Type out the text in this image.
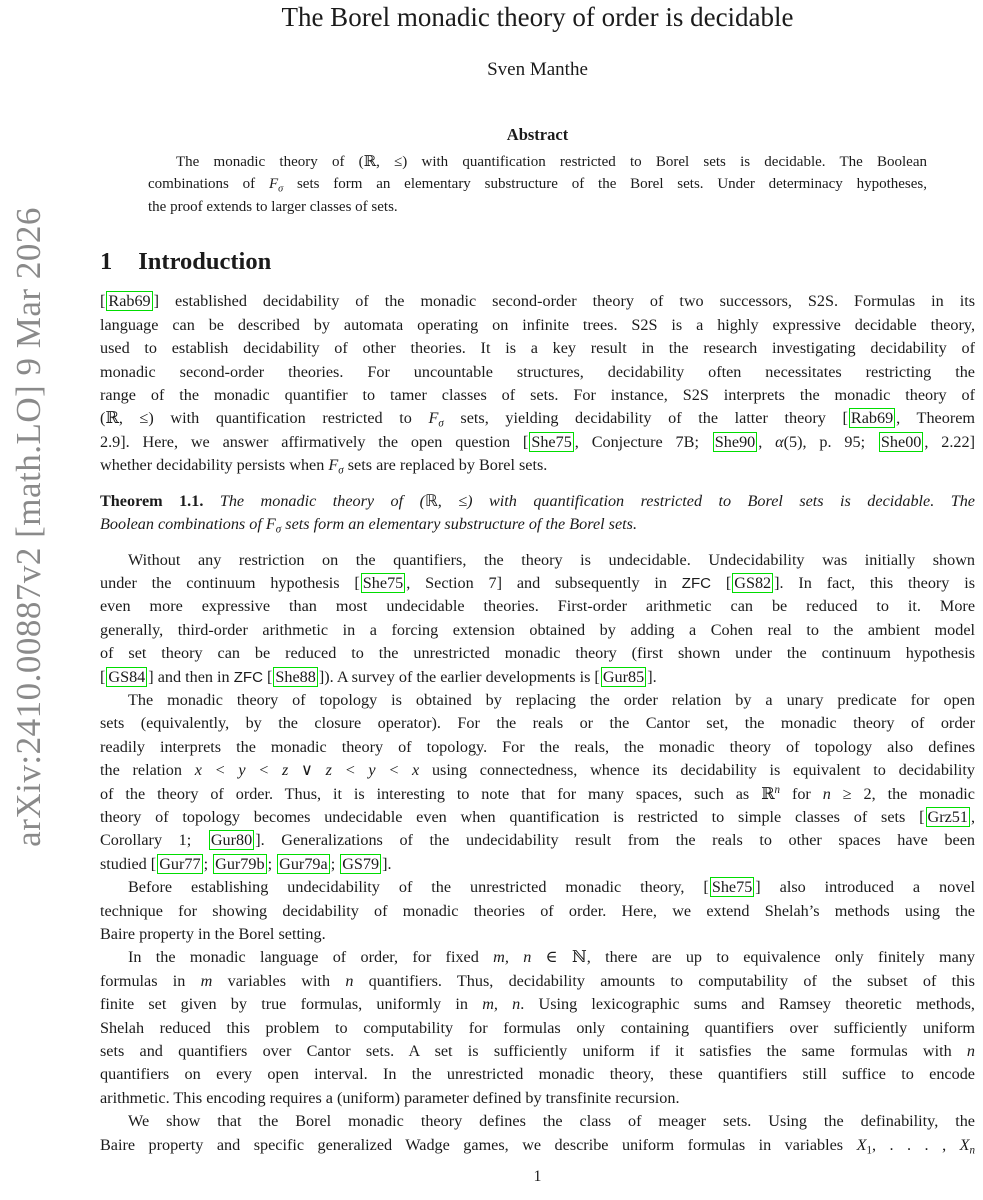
arXiv:2410.00887v2 [math.LO] 9 Mar 2026
The Borel monadic theory of order is decidable
Sven Manthe
Abstract
The monadic theory of (ℝ, ≤) with quantification restricted to Borel sets is decidable. The Boolean
combinations of $F_\sigma$ sets form an elementary substructure of the Borel sets. Under determinacy hypotheses,
the proof extends to larger classes of sets.
1 Introduction
[ Rab69 ] established decidability of the monadic second-order theory of two successors, S2S. Formulas in its
language can be described by automata operating on infinite trees. S2S is a highly expressive decidable theory,
used to establish decidability of other theories. It is a key result in the research investigating decidability of
monadic second-order theories. For uncountable structures, decidability often necessitates restricting the
range of the monadic quantifier to tamer classes of sets. For instance, S2S interprets the monadic theory of
(ℝ, ≤) with quantification restricted to $F_\sigma$ sets, yielding decidability of the latter theory [ Rab69 , Theorem
2.9]. Here, we answer affirmatively the open question [ She75 , Conjecture 7B; She90 , α(5), p. 95; She00 , 2.22]
whether decidability persists when $F_\sigma$ sets are replaced by Borel sets.
Theorem 1.1. The monadic theory of (ℝ, ≤) with quantification restricted to Borel sets is decidable. The
Boolean combinations of $F_\sigma$ sets form an elementary substructure of the Borel sets.
Without any restriction on the quantifiers, the theory is undecidable. Undecidability was initially shown
under the continuum hypothesis [ She75 , Section 7] and subsequently in ZFC [ GS82 ]. In fact, this theory is
even more expressive than most undecidable theories. First-order arithmetic can be reduced to it. More
generally, third-order arithmetic in a forcing extension obtained by adding a Cohen real to the ambient model
of set theory can be reduced to the unrestricted monadic theory (first shown under the continuum hypothesis
[ GS84 ] and then in ZFC [ She88 ]). A survey of the earlier developments is [ Gur85 ].
The monadic theory of topology is obtained by replacing the order relation by a unary predicate for open
sets (equivalently, by the closure operator). For the reals or the Cantor set, the monadic theory of order
readily interprets the monadic theory of topology. For the reals, the monadic theory of topology also defines
the relation x < y < z ∨ z < y < x using connectedness, whence its decidability is equivalent to decidability
of the theory of order. Thus, it is interesting to note that for many spaces, such as ℝ$^n$ for n ≥ 2, the monadic
theory of topology becomes undecidable even when quantification is restricted to simple classes of sets [ Grz51 ,
Corollary 1; Gur80 ]. Generalizations of the undecidability result from the reals to other spaces have been
studied [ Gur77 ; Gur79b ; Gur79a ; GS79 ].
Before establishing undecidability of the unrestricted monadic theory, [ She75 ] also introduced a novel
technique for showing decidability of monadic theories of order. Here, we extend Shelah’s methods using the
Baire property in the Borel setting.
In the monadic language of order, for fixed m, n ∈ ℕ, there are up to equivalence only finitely many
formulas in m variables with n quantifiers. Thus, decidability amounts to computability of the subset of this
finite set given by true formulas, uniformly in m, n. Using lexicographic sums and Ramsey theoretic methods,
Shelah reduced this problem to computability for formulas only containing quantifiers over sufficiently uniform
sets and quantifiers over Cantor sets. A set is sufficiently uniform if it satisfies the same formulas with n
quantifiers on every open interval. In the unrestricted monadic theory, these quantifiers still suffice to encode
arithmetic. This encoding requires a (uniform) parameter defined by transfinite recursion.
We show that the Borel monadic theory defines the class of meager sets. Using the definability, the
Baire property and specific generalized Wadge games, we describe uniform formulas in variables $X_1$, . . . , $X_n$
1
